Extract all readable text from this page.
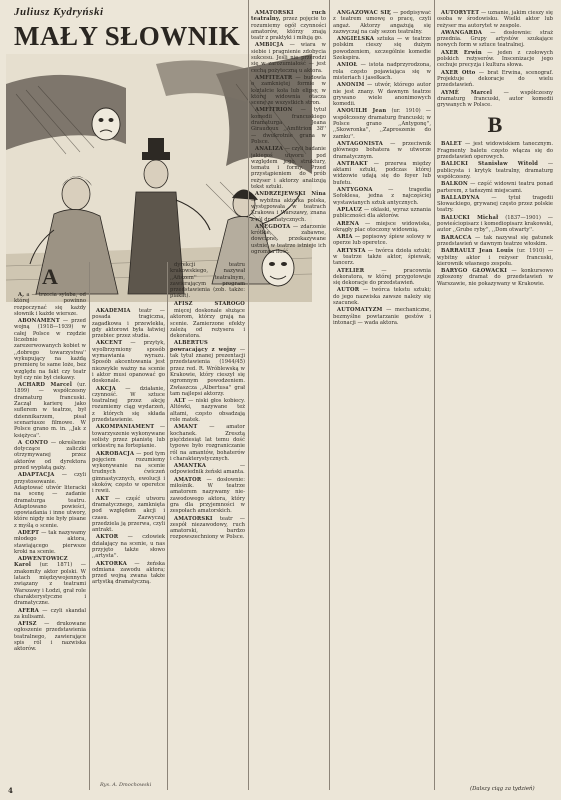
Juliusz Kydryński
MAŁY SŁOWNIK
A

A, a — trzecia sylaba, od której powinno rozpoczynać się każdy słownik i każde wiersze.

ABONAMENT — przed wojną (1918—1939) w całej Polsce w rzędzie liczebnie zarezerwowanych kobiet w ,,dobrego towarzystwa'' wykupujący na każdą premierę te same loże, bez względu na fakt czy teatr był czy nie był ciekawy.

ACHARD Marcel (ur. 1899) — współczesny dramaturg francuski. Zaczął karierę jako suflerem w teatrze, był dziennikarzem, pisał scenariusze filmowe. W Polsce grano m. in. ,,Jak z księżyca''.

A CONTO — określenie dotyczące zaliczki otrzymywanej przez aktorów od dyrektora przed wypłatą gaży.

ADAPTACJA — czyli przystosowanie. Adaptować utwór literacki na scenę — zadanie dramaturga teatru. Adaptowano powieści, opowiadania i inne utwory, które nigdy nie były pisane z myślą o scenie.

ADEPT — tak nazywamy młodego aktora, stawiającego pierwsze kroki na scenie.

ADWENTOWICZ Karol (ur. 1871) — znakomity aktor polski. W latach międzywojennych związany z teatrami Warszawy i Łodzi, grał role charakterystyczne i dramatyczne.

AFERA — czyli skandal za kulisami.

AFISZ — drukowane ogłoszenie przedstawienia teatralnego, zawierające spis ról i nazwiska aktorów.

dyrekcji teatru krakowskiego, nazywał ,,Afiszem'' teatralnym, zawierającym program przedstawienia (zob. także: plakat).

AFISZ STAROGO

AKADEMIA teatr — posada tragiczna, zagadkowa i przewlekła, gdy aktorowi była łatwiej przebiec przez studia.

AKCENT — przytyk, wyolbrzymiony sposób wymawiania wyrazu. Sposób akcentowania jest niezwykle ważny na scenie i aktor musi opanować go doskonale.

AKCJA — działanie, czynność. W sztuce teatralnej przez akcję rozumiemy ciąg wydarzeń, z których się składa przedstawienie.

AKOMPANIAMENT — towarzyszenie wykonywane solisty przez pianistę lub orkiestrę na fortepianie.

AKROBACJA — pod tym pojęciem rozumiemy wykonywanie na scenie trudnych ćwiczeń gimnastycznych, ewolucji i skoków, często w operetce i rewii.

AKT — część utworu dramatycznego, zamknięta pod względem akcji i czasu. Zazwyczaj przedziela ją przerwa, czyli antrakt.

AKTOR — człowiek działający na scenie, u nas przyjęto także słowo ,,artysta''.

AKTORKA — żeńska odmiana zawodu aktora; przed wojną zwana także artystką dramatyczną.

mięcej doskonale służące aktorom, którzy grają na scenie. Zamierzone efekty zależą od reżysera i dekoratora.

ALBERTUS powracający z wojny — tak tytuł znanej prezentacji przedstawienia (1944/45) przez red. R. Wróblewską w Krakowie, który cieszył się ogromnym powodzeniem. Zwłaszcza ,,Albertusa'' grał tam najlepsi aktorzy.

ALT — niski głos kobiecy. Altówki, nazywane też altami, często obsadzają role matek.

AMANT — amator kochanek. Zresztą pięćdziesiąt lat temu dość typowe było rozgraniczanie ról na amantów, bohaterów i charakterystycznych.

AMANTKA	— odpowiednik żeński amanta.

AMATOR — dosłownie: miłośnik. W teatrze amatorem nazywamy nie-zawodowego aktora, który gra dla przyjemności w zespołach amatorskich.

AMATORSKI teatr — zespół niezawodowy, ruch amatorski, bardzo rozpowszechniony w Polsce.

AMATORSKI ruch teatralny, przez pojęcie to rozumiemy ogół czynności amatorów, którzy znają teatr z praktyki i miłują go.

AMBICJA — wiara w siebie i pragnienie zdobycia sukcesu. Jeśli nie przerodzi się w zarozumiałość — jest cechą pożyteczną u aktora.

AMFITEATR — budowla o zamkniętej formie w kształcie koła lub elipsy, w której widownia otacza scenę ze wszystkich stron.

AMFITRION — tytuł komedii francuskiego dramaturga Jeana Giraudoux ,,Amfitrion 38'' — dwukrotnie grana w Polsce.

ANALIZA — czyli badanie jakiegoś utworu pod względem jego struktury, tematu i formy. Przed przystąpieniem do prób reżyser i aktorzy analizują tekst sztuki.

ANDRZEJEWSKI Nina — wybitna aktorka polska, występowała w teatrach Krakowa i Warszawy, znana z ról dramatycznych.

ANEGDOTA — zdarzenie krótkie, zabawne, dowcipne, przekazywane ustnie; w teatrze istnieje ich ogromna ilość.

ANGAŻOWAĆ SIĘ — podpisywać z teatrem umowę o pracę, czyli angaż. Aktorzy angażują się zazwyczaj na cały sezon teatralny.

ANGIELSKA sztuka — w teatrze polskim cieszy się dużym powodzeniem, szczególnie komedie Szekspira.

ANIOŁ — istota nadprzyrodzona, rola często pojawiająca się w misteriach i jasełkach.

ANONIM — utwór, którego autor nie jest znany. W dawnym teatrze grywano wiele anonimowych komedii.

ANOUILH Jean (ur. 1910) — współczesny dramaturg francuski; w Polsce grano ,,Antygonę'', ,,Skowronka'', ,,Zaproszenie do zamku''.

ANTAGONISTA — przeciwnik głównego bohatera w utworze dramatycznym.

ANTRAKT — przerwa między aktami sztuki, podczas której widzowie udają się do foyer lub bufetu.

ANTYGONA	— tragedia Sofoklesa, jedna z najczęściej wystawianych sztuk antycznych.

APLAUZ — oklaski, wyraz uznania publiczności dla aktorów.

ARENA — miejsce widowiska, okrągły plac otoczony widownią.

ARIA — popisowy śpiew solowy w operze lub operetce.

ARTYSTA — twórca dzieła sztuki; w teatrze także aktor, śpiewak, tancerz.

ATELIER	— pracownia dekoratora, w której przygotowuje się dekoracje do przedstawień.

AUTOR — twórca tekstu sztuki; do jego nazwiska zawsze należy się szacunek.

AUTOMATYZM — mechaniczne, bezmyślne powtarzanie gestów i intonacji — wada aktora.

AUTORYTET — uznanie, jakim cieszy się osoba w środowisku. Wielki aktor lub reżyser ma autorytet w zespole.

AWANGARDA — dosłownie: straż przednia. Grupy artystów szukające nowych form w sztuce teatralnej.

AXER Erwin — jeden z czołowych polskich reżyserów. Inscenizacje jego cechuje precyzja i kultura słowa.

AXER Otto — brat Erwina, scenograf. Projektuje dekoracje do wielu przedstawień.

AYMÉ Marcel — współczesny dramaturg francuski, autor komedii grywanych w Polsce.

B

BALET — jest widowiskiem tanecznym. Fragmenty baletu często włącza się do przedstawień operowych.

BALICKI Stanisław Witold — publicysta i krytyk teatralny, dramaturg współczesny.

BALKON — część widowni teatru ponad parterem, z tańszymi miejscami.

BALLADYNA — tytuł tragedii Słowackiego, grywanej często przez polskie teatry.

BALUCKI Michał (1837—1901) — powieściopisarz i komediopisarz krakowski, autor ,,Grube ryby'', ,,Dom otwarty''.

BARACCA — tak nazywał się gatunek przedstawień w dawnym teatrze włoskim.

BARRAULT Jean Louis (ur. 1910) — wybitny aktor i reżyser francuski, kierownik własnego zespołu.

BARYGO GŁOWACKI — konkursowo zgłoszony dramat do przedstawień w Warszawie, nie pokazywany w Krakowie.

Rys. A. Dmochowski
4	(Dalszy ciąg za tydzień)
